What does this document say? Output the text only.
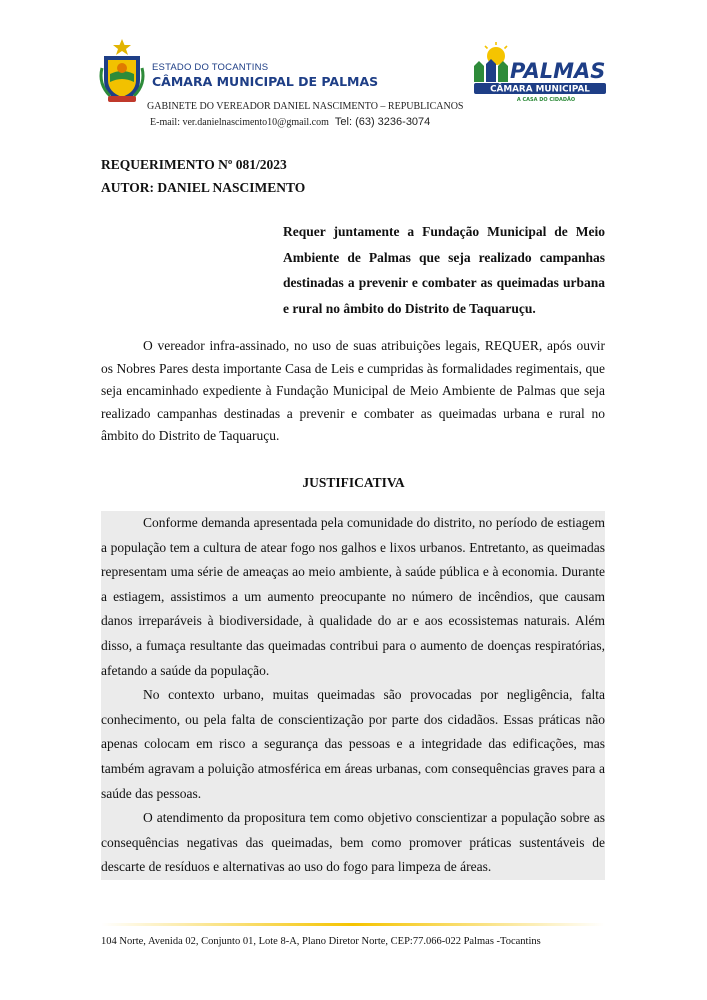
ESTADO DO TOCANTINS
CÂMARA MUNICIPAL DE PALMAS
GABINETE DO VEREADOR DANIEL NASCIMENTO – REPUBLICANOS
E-mail: ver.danielnascimento10@gmail.com Tel: (63) 3236-3074
PALMAS
CÂMARA MUNICIPAL
A CASA DO CIDADÃO
REQUERIMENTO Nº 081/2023
AUTOR: DANIEL NASCIMENTO
Requer juntamente a Fundação Municipal de Meio Ambiente de Palmas que seja realizado campanhas destinadas a prevenir e combater as queimadas urbana e rural no âmbito do Distrito de Taquaruçu.

O vereador infra-assinado, no uso de suas atribuições legais, REQUER, após ouvir os Nobres Pares desta importante Casa de Leis e cumpridas às formalidades regimentais, que seja encaminhado expediente à Fundação Municipal de Meio Ambiente de Palmas que seja realizado campanhas destinadas a prevenir e combater as queimadas urbana e rural no âmbito do Distrito de Taquaruçu.

JUSTIFICATIVA

Conforme demanda apresentada pela comunidade do distrito, no período de estiagem a população tem a cultura de atear fogo nos galhos e lixos urbanos. Entretanto, as queimadas representam uma série de ameaças ao meio ambiente, à saúde pública e à economia. Durante a estiagem, assistimos a um aumento preocupante no número de incêndios, que causam danos irreparáveis à biodiversidade, à qualidade do ar e aos ecossistemas naturais. Além disso, a fumaça resultante das queimadas contribui para o aumento de doenças respiratórias, afetando a saúde da população.

No contexto urbano, muitas queimadas são provocadas por negligência, falta conhecimento, ou pela falta de conscientização por parte dos cidadãos. Essas práticas não apenas colocam em risco a segurança das pessoas e a integridade das edificações, mas também agravam a poluição atmosférica em áreas urbanas, com consequências graves para a saúde das pessoas.

O atendimento da propositura tem como objetivo conscientizar a população sobre as consequências negativas das queimadas, bem como promover práticas sustentáveis de descarte de resíduos e alternativas ao uso do fogo para limpeza de áreas.

104 Norte, Avenida 02, Conjunto 01, Lote 8-A, Plano Diretor Norte, CEP:77.066-022 Palmas -Tocantins
